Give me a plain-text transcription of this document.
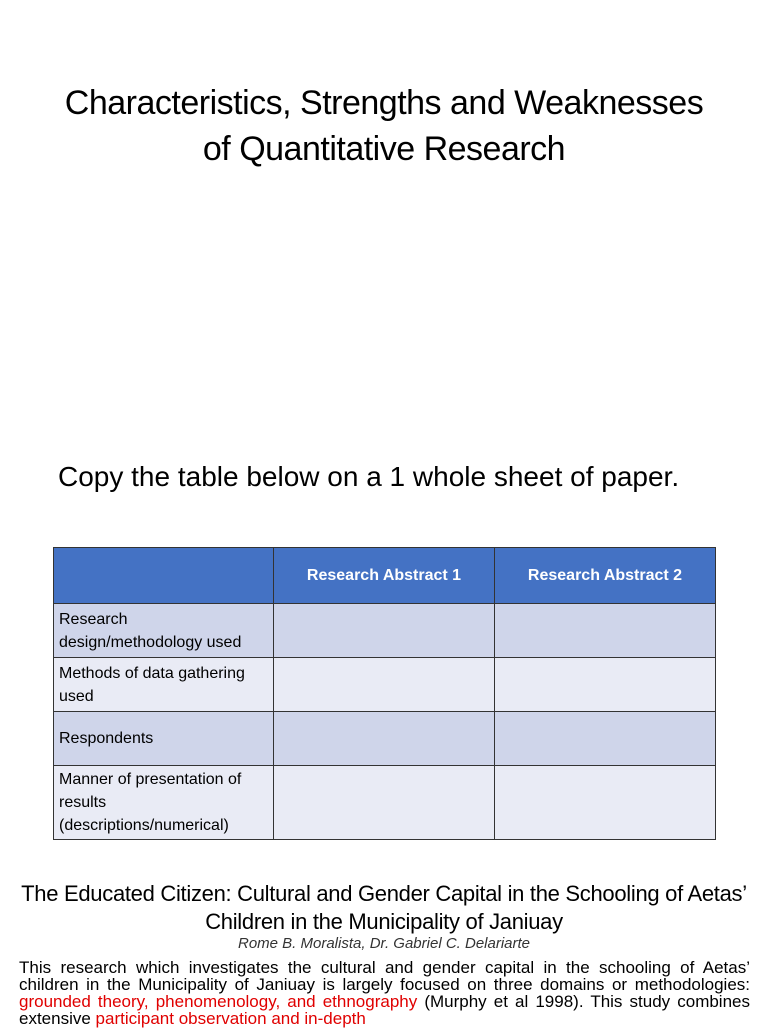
Characteristics, Strengths and Weaknesses of Quantitative Research

Copy the table below on a 1 whole sheet of paper.

	Research Abstract 1	Research Abstract 2
Research design/methodology used		
Methods of data gathering used		
Respondents		
Manner of presentation of results (descriptions/numerical)		
The Educated Citizen: Cultural and Gender Capital in the Schooling of Aetas’ Children in the Municipality of Janiuay
Rome B. Moralista, Dr. Gabriel C. Delariarte

This research which investigates the cultural and gender capital in the schooling of Aetas’ children in the Municipality of Janiuay is largely focused on three domains or methodologies: grounded theory, phenomenology, and ethnography (Murphy et al 1998). This study combines extensive participant observation and in-depth
